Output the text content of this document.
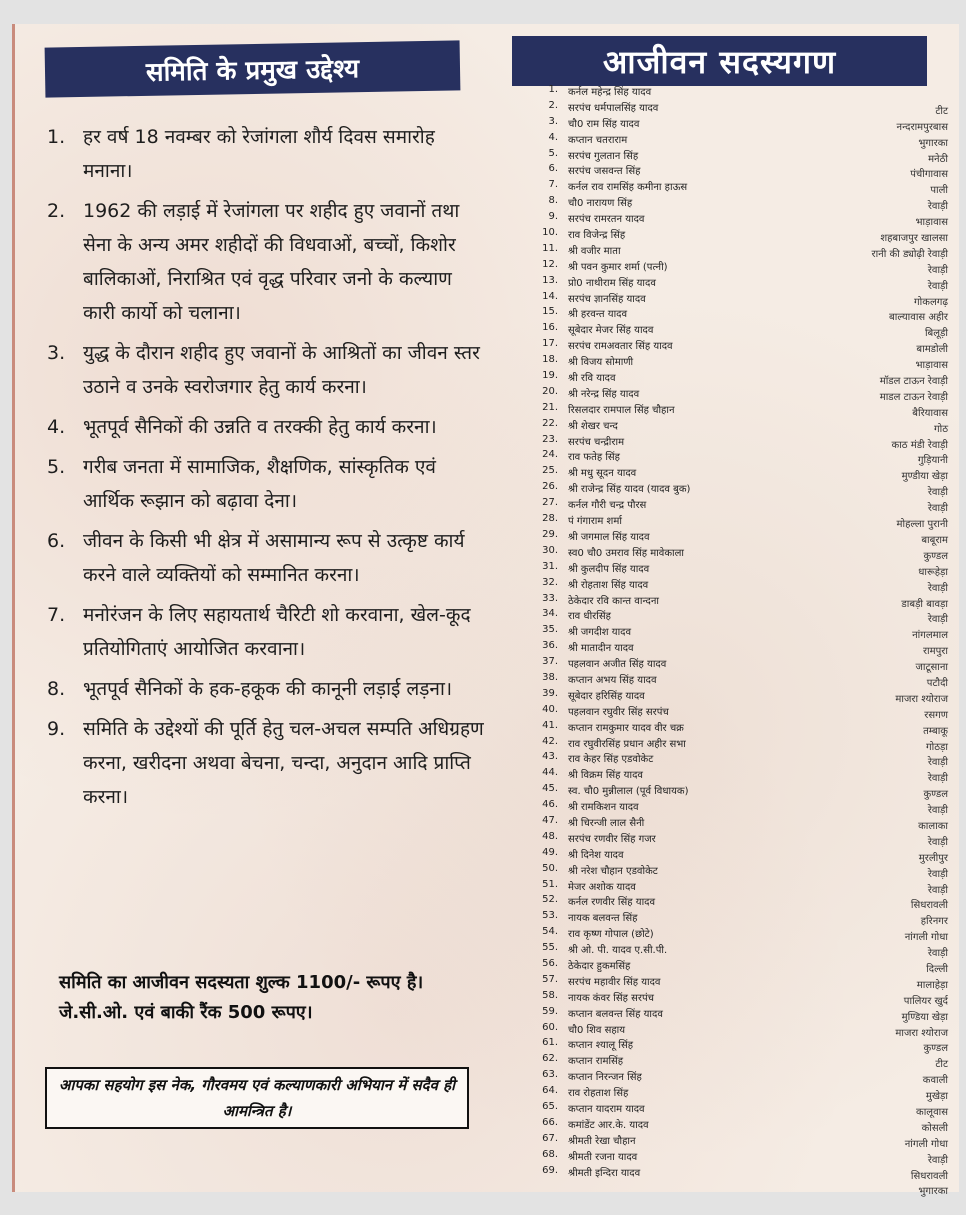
समिति के प्रमुख उद्देश्य	आजीवन सदस्यगण
1. हर वर्ष 18 नवम्बर को रेजांगला शौर्य दिवस समारोह मनाना।
2. 1962 की लड़ाई में रेजांगला पर शहीद हुए जवानों तथा सेना के अन्य अमर शहीदों की विधवाओं, बच्चों, किशोर बालिकाओं, निराश्रित एवं वृद्ध परिवार जनो के कल्याण कारी कार्यो को चलाना।
3. युद्ध के दौरान शहीद हुए जवानों के आश्रितों का जीवन स्तर उठाने व उनके स्वरोजगार हेतु कार्य करना।
4. भूतपूर्व सैनिकों की उन्नति व तरक्की हेतु कार्य करना।
5. गरीब जनता में सामाजिक, शैक्षणिक, सांस्कृतिक एवं आर्थिक रूझान को बढ़ावा देना।
6. जीवन के किसी भी क्षेत्र में असामान्य रूप से उत्कृष्ट कार्य करने वाले व्यक्तियों को सम्मानित करना।
7. मनोरंजन के लिए सहायतार्थ चैरिटी शो करवाना, खेल-कूद प्रतियोगिताएं आयोजित करवाना।
8. भूतपूर्व सैनिकों के हक-हकूक की कानूनी लड़ाई लड़ना।
9. समिति के उद्देश्यों की पूर्ति हेतु चल-अचल सम्पति अधिग्रहण करना, खरीदना अथवा बेचना, चन्दा, अनुदान आदि प्राप्ति करना।
समिति का आजीवन सदस्यता शुल्क 1100/- रूपए है। जे.सी.ओ. एवं बाकी रैंक 500 रूपए।
आपका सहयोग इस नेक, गौरवमय एवं कल्याणकारी अभियान में सदैव ही आमन्त्रित है।
1. कर्नल महेन्द्र सिंह यादव
2. सरपंच धर्मपालसिंह यादव	टीट
3. चौ0 राम सिंह यादव	नन्दरामपुरबास
4. कप्तान चतराराम	भुगारका
5. सरपंच गुलतान सिंह	मनेठी
6. सरपंच जसवन्त सिंह	पंचीगावास
7. कर्नल राव रामसिंह कमीना हाऊस	पाली
8. चौ0 नारायण सिंह	रेवाड़ी
9. सरपंच रामरतन यादव	भाड़ावास
10. राव विजेन्द्र सिंह	शहबाजपुर खालसा
11. श्री वजीर माता	रानी की ड्योढ़ी रेवाड़ी
12. श्री पवन कुमार शर्मा (पत्नी)	रेवाड़ी
13. प्रो0 नाथीराम सिंह यादव	रेवाड़ी
14. सरपंच ज्ञानसिंह यादव	गोकलगढ़
15. श्री हरवन्त यादव	बाल्यावास अहीर
16. सूबेदार मेजर सिंह यादव	बिलूड़ी
17. सरपंच रामअवतार सिंह यादव	बामडोली
18. श्री विजय सोमाणी	भाड़ावास
19. श्री रवि यादव	मॉडल टाऊन रेवाड़ी
20. श्री नरेन्द्र सिंह यादव	माडल टाऊन रेवाड़ी
21. रिसलदार रामपाल सिंह चौहान	बैरियावास
22. श्री शेखर चन्द	गोठ
23. सरपंच चन्द्रीराम	काठ मंडी रेवाड़ी
24. राव फतेह सिंह	गुड़ियानी
25. श्री मधु सूदन यादव	मुण्डीया खेड़ा
26. श्री राजेन्द्र सिंह यादव (यादव बुक)	रेवाड़ी
27. कर्नल गौरी चन्द्र पौरस	रेवाड़ी
28. पं गंगाराम शर्मा	मोहल्ला पुरानी
29. श्री जगमाल सिंह यादव	बाबूराम
30. स्व0 चौ0 उमराव सिंह मावेकाला	कुण्डल
31. श्री कुलदीप सिंह यादव	धारूहेड़ा
32. श्री रोहताश सिंह यादव	रेवाड़ी
33. ठेकेदार रवि कान्त वान्दना	डाबड़ी बावड़ा
34. राव धीरसिंह	रेवाड़ी
35. श्री जगदीश यादव	नांगलमाल
36. श्री मातादीन यादव	रामपुरा
37. पहलवान अजीत सिंह यादव	जाटूसाना
38. कप्तान अभय सिंह यादव	पटौदी
39. सूबेदार हरिसिंह यादव	माजरा श्योराज
40. पहलवान रघुवीर सिंह सरपंच	रसगण
41. कप्तान रामकुमार यादव वीर चक्र	तम्बाकू
42. राव रघुवीरसिंह प्रधान अहीर सभा	गोठड़ा
43. राव केहर सिंह एडवोकेट	रेवाड़ी
44. श्री विक्रम सिंह यादव	रेवाड़ी
45. स्व. चौ0 मुन्नीलाल (पूर्व विधायक)	कुण्डल
46. श्री रामकिशन यादव	रेवाड़ी
47. श्री चिरन्जी लाल सैनी	कालाका
48. सरपंच रणवीर सिंह गजर	रेवाड़ी
49. श्री दिनेश यादव	मुरलीपुर
50. श्री नरेश चौहान एडवोकेट	रेवाड़ी
51. मेजर अशोक यादव	रेवाड़ी
52. कर्नल रणवीर सिंह यादव	सिधरावली
53. नायक बलवन्त सिंह	हरिनगर
54. राव कृष्ण गोपाल (छोटे)	नांगली गोधा
55. श्री ओ. पी. यादव ए.सी.पी.	रेवाड़ी
56. ठेकेदार हुकमसिंह	दिल्ली
57. सरपंच महावीर सिंह यादव	मालाहेड़ा
58. नायक कंवर सिंह सरपंच	पालियर खुर्द
59. कप्तान बलवन्त सिंह यादव	मुण्डिया खेड़ा
60. चौ0 शिव सहाय	माजरा श्योराज
61. कप्तान श्यालू सिंह	कुण्डल
62. कप्तान रामसिंह	टीट
63. कप्तान निरन्जन सिंह	कवाली
64. राव रोहताश सिंह	मुखेड़ा
65. कप्तान यादराम यादव	कालूवास
66. कमांडेंट आर.के. यादव	कोसली
67. श्रीमती रेखा चौहान	नांगली गोधा
68. श्रीमती रजना यादव	रेवाड़ी
69. श्रीमती इन्दिरा यादव	सिधरावली
भुगारका
